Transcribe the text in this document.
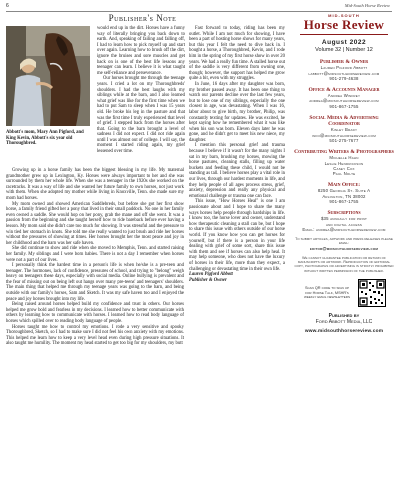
6	Mid-South Horse Review
Publisher's Note
Abbott's mom, Mary Ann Pigford, and King Kevin, Abbott's six year old Thoroughbred.

would end up in the dirt. Horses have a funny way of literally bringing you back down to earth. And, speaking of failing and falling off, I had to learn how to pick myself up and start over again. Learning how to brush off the dirt, ignore the bruises and sore muscles and get back on is one of the best life lessons any teenager can learn. I believe it is what taught me self-reliance and perseverance.

Our horses brought me through the teenage years. I cried a lot on my Thoroughbreds' shoulders. I had the best laughs with my siblings while at the barn, and I also learned what grief was like for the first time when we had to put Sam to sleep when I was 15 years old. He broke his leg in the pasture and that was the first time I truly experienced that level of grief. I stepped back from the horses after that. Going to the barn brought a level of sadness I did not expect. I did not ride again until I was almost out of college. I will say, the moment I started riding again, my grief lessened over time.

Growing up in a horse family has been the biggest blessing in my life. My maternal grandmother grew up in Lexington, Ky. Horses were always important to her and she was surrounded by them her whole life. When she was a teenager in the 1920s she worked on the racetracks. It was a way of life and she wanted her future family to own horses, not just work with them. When she adopted my mother while living in Knoxville, Tenn. she made sure my mom had horses.

My mom owned and showed American Saddlebreds, but before she got her first show horse, a family friend gifted her a pony that lived in their small paddock. No one in her family even owned a saddle. She would hop on her pony, grab the mane and off she went. It was a passion from the beginning and she taught herself how to ride bareback before ever having a lesson. My mom said she didn't care too much for showing. It was stressful and the pressure to win tied her stomach in knots. She told me she really wanted to just brush and ride her horses without the pressures of showing at times. Her horses brought her the most peace and joy in her childhood and the barn was her safe haven.

She did continue to show and ride when she moved to Memphis, Tenn. and started raising her family. My siblings and I were born babies. There is not a day I remember when horses were not a part of our lives.

I personally think the hardest time in a person's life is when he/she is a pre-teen and teenager. The hormones, lack of confidence, pressures of school, and trying to "belong" weigh heavy on teenagers these days, especially with social media. Online bullying is prevalent and the fear of missing out on being left out hangs over many pre-teens' and teenagers' shoulders. The main thing that helped me through my teenage years was going to the barn, and being outside with our family's horses, Sam and Sketch. It was my safe haven too and I enjoyed the peace and joy horses brought into my life.

Being raised around horses helped build my confidence and trust in others. Our horses helped me grow bold and fearless in my decisions. I learned how to better communicate with others by learning how to communicate with horses. I learned how to read body language of horses which spilled over to reading body language of people.

Horses taught me how to control my emotions. I rode a very sensitive and spooky Thoroughbred, Sketch, so I had to make sure I did not feel his own anxiety with my emotions. This helped me learn how to keep a very level head even during high pressure situations. It also taught me humility. The moment my head started to get too big for my shoulders, my butt

Fast forward to today, riding has been my outlet. While I am not much for showing, I have been a part of hosting horse shows for many years, but this year I felt the need to dive back in. I bought a horse, a Thoroughbred, Kevin, and I rode him in the spring of my first horse show in over 20 years. We had a really fun time. A stalled horse out of the saddle is very different from owning one, though; however, the support has helped me grow quite a bit, even with my struggles.

In June, 16 days after my daughter was born, my brother passed away. It has been one thing to watch our parents decline over the last few years, but to lose one of my siblings, especially the one closest in age, was devastating. When I was 16, labor about to give birth, my brother, Philip, was constantly texting for updates. He was excited, he kept saying how he remembered what it was like when his son was born. Eleven days later he was gone, and he didn't get to meet his new niece, my daughter.

I mention this personal grief and trauma because I believe if it wasn't for the many nights I sat in my barn, brushing my horses, mowing the horse pastures, cleaning stalls, filling up water buckets and feeding these child, I would not be standing as tall. I believe horses play a vital role in our lives, through our hardest moments in life, and they help people of all ages process stress, grief, anxiety, depression and really any physical and emotional challenge or trauma one can face.

This issue, "How Horses Heal" is one I am passionate about and I hope to share the many ways horses help people through hardships in life. I know too, the horse lover and owner, understand how therapeutic cleaning a stall can be, but I hope to share this issue with others outside of our horse world. If you know how you can get horses for yourself, but if there is a person in your life dealing with grief of some sort, share this issue with them and see if horses can also help heal. It may help someone, who does not have the luxury of horses in their life, more than they expect, a challenging or devastating time in their own life.

Lauren Pigford Abbott

Publisher & Owner

MID-SOUTH
Horse Review
August 2022
Volume 32 | Number 12
Publisher & Owner
Lauren Pigford Abbott
labbott@midsouthhorsereview.com
901-279-4638
Office & Accounts Manager
Andrea Winfrey
andrea@midsouthhorsereview.com
901-867-1755
Social Media & Advertising Coordinator
Kinley Brady
info@midsouthhorsereview.com
501-275-7677
Contributing Writers & Photographers
Michelle Hahn
Leslie Hendrickson
Casey Cox
Paul Nolte
Main Office:
8250 Georgia St. Suite A
Arlington, TN 38002
901-867-1755
Subscriptions
$35 annually for print
and digital access
Email: andrea@midsouthhorsereview.com
To submit articles, artwork and press releases please email:
editor@midsouthhorsereview.com
We cannot guarantee publication or return of manuscripts or artwork. Reproduction of editorial copy, photographs or advertising is strictly prohibited without written permission of the publisher.
Scan QR code to sign up for Horse Talk, MSHR's weekly email newsletters
Published by
Ford Abbott Media, LLC
www.midsouthhorsereview.com
